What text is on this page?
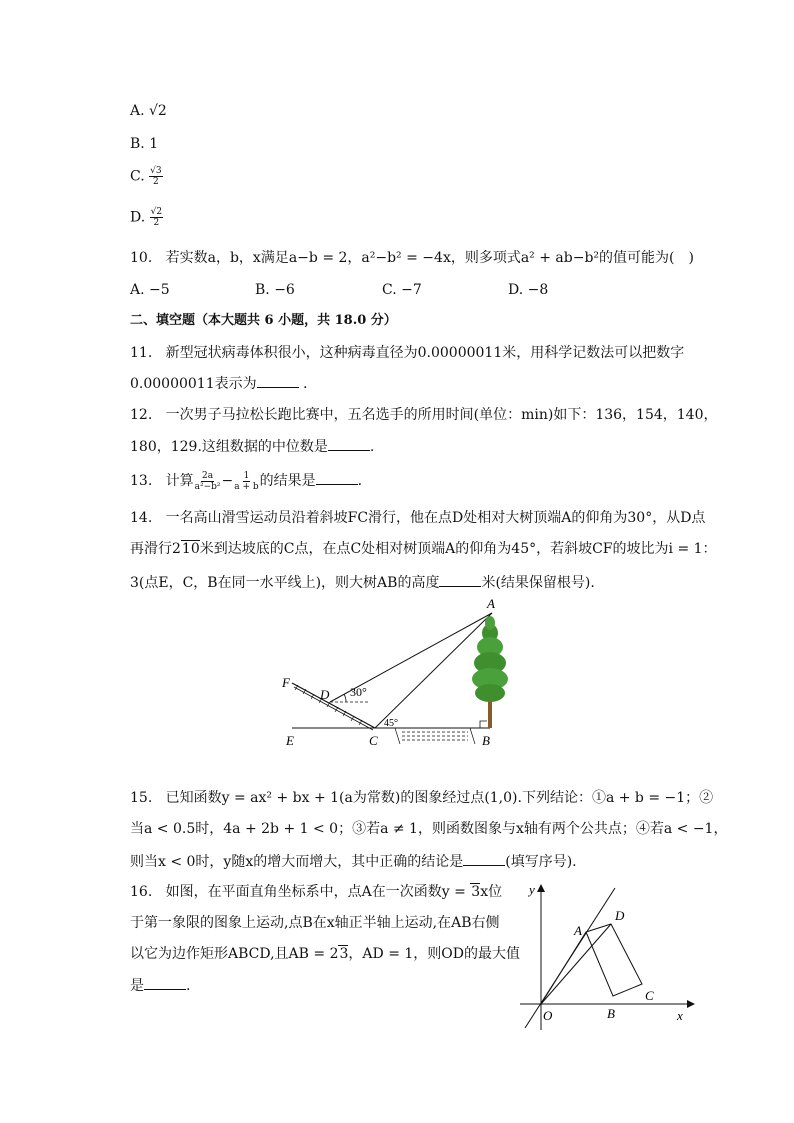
A. √2
B. 1
C. $\frac{√3}{2}$
D. $\frac{√2}{2}$
10. 若实数a，b，x满足a−b = 2，a²−b² = −4x，则多项式a² + ab−b²的值可能为(　)
A. −5	B. −6	C. −7	D. −8
二、填空题（本大题共 6 小题，共 18.0 分）
11. 新型冠状病毒体积很小，这种病毒直径为0.00000011米，用科学记数法可以把数字
0.00000011表示为	．
12. 一次男子马拉松长跑比赛中，五名选手的所用时间(单位：min)如下：136，154，140，
180，129.这组数据的中位数是	.
13. 计算 $\frac{2a}{\text{a²−b²}} - \frac{1}{a + b}$ 的结果是	.
14. 一名高山滑雪运动员沿着斜坡FC滑行，他在点D处相对大树顶端A的仰角为30°，从D点
再滑行210米到达坡底的C点，在点C处相对树顶端A的仰角为45°，若斜坡CF的坡比为i = 1：
3(点E，C，B在同一水平线上)，则大树AB的高度	米(结果保留根号).
A
B
C
D
E
F
30°
45°
15. 已知函数y = ax² + bx + 1(a为常数)的图象经过点(1,0).下列结论：①a + b = −1；②
当a < 0.5时，4a + 2b + 1 < 0；③若a ≠ 1，则函数图象与x轴有两个公共点；④若a < −1，
则当x < 0时，y随x的增大而增大，其中正确的结论是	(填写序号).
16. 如图，在平面直角坐标系中，点A在一次函数y = 3x位
于第一象限的图象上运动,点B在x轴正半轴上运动,在AB右侧
以它为边作矩形ABCD,且AB = 23，AD = 1，则OD的最大值
是	.
y
x
O
A
B
C
D
